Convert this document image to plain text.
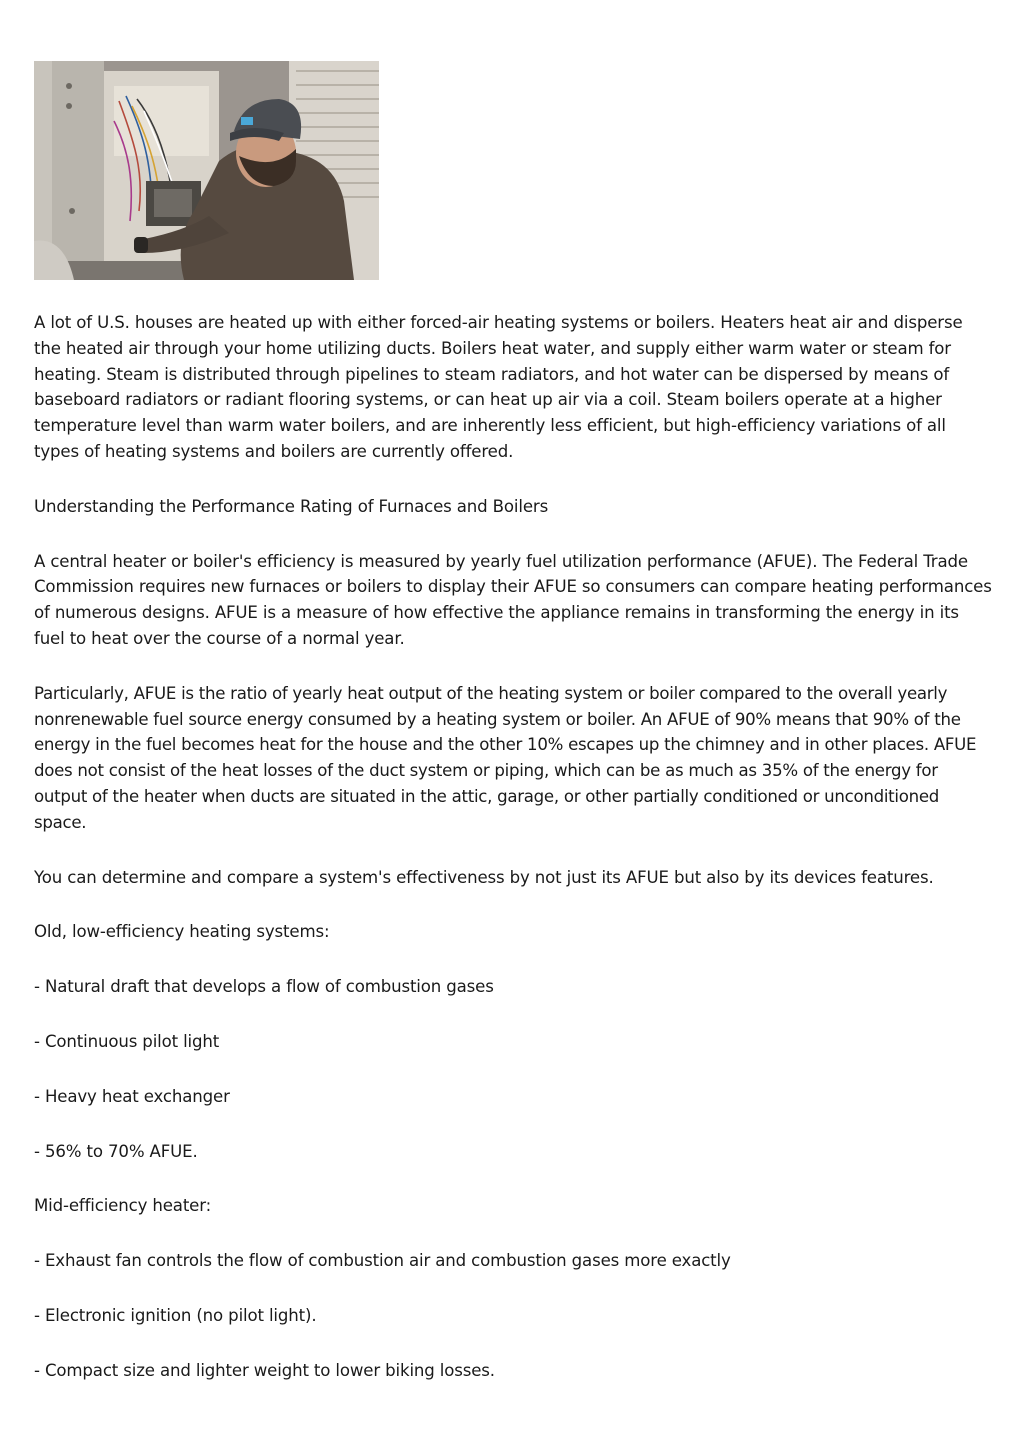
A lot of U.S. houses are heated up with either forced-air heating systems or boilers. Heaters heat air and disperse the heated air through your home utilizing ducts. Boilers heat water, and supply either warm water or steam for heating. Steam is distributed through pipelines to steam radiators, and hot water can be dispersed by means of baseboard radiators or radiant flooring systems, or can heat up air via a coil. Steam boilers operate at a higher temperature level than warm water boilers, and are inherently less efficient, but high-efficiency variations of all types of heating systems and boilers are currently offered.

Understanding the Performance Rating of Furnaces and Boilers

A central heater or boiler's efficiency is measured by yearly fuel utilization performance (AFUE). The Federal Trade Commission requires new furnaces or boilers to display their AFUE so consumers can compare heating performances of numerous designs. AFUE is a measure of how effective the appliance remains in transforming the energy in its fuel to heat over the course of a normal year.

Particularly, AFUE is the ratio of yearly heat output of the heating system or boiler compared to the overall yearly nonrenewable fuel source energy consumed by a heating system or boiler. An AFUE of 90% means that 90% of the energy in the fuel becomes heat for the house and the other 10% escapes up the chimney and in other places. AFUE does not consist of the heat losses of the duct system or piping, which can be as much as 35% of the energy for output of the heater when ducts are situated in the attic, garage, or other partially conditioned or unconditioned space.

You can determine and compare a system's effectiveness by not just its AFUE but also by its devices features.

Old, low-efficiency heating systems:

- Natural draft that develops a flow of combustion gases

- Continuous pilot light

- Heavy heat exchanger

- 56% to 70% AFUE.

Mid-efficiency heater:

- Exhaust fan controls the flow of combustion air and combustion gases more exactly

- Electronic ignition (no pilot light).

- Compact size and lighter weight to lower biking losses.
